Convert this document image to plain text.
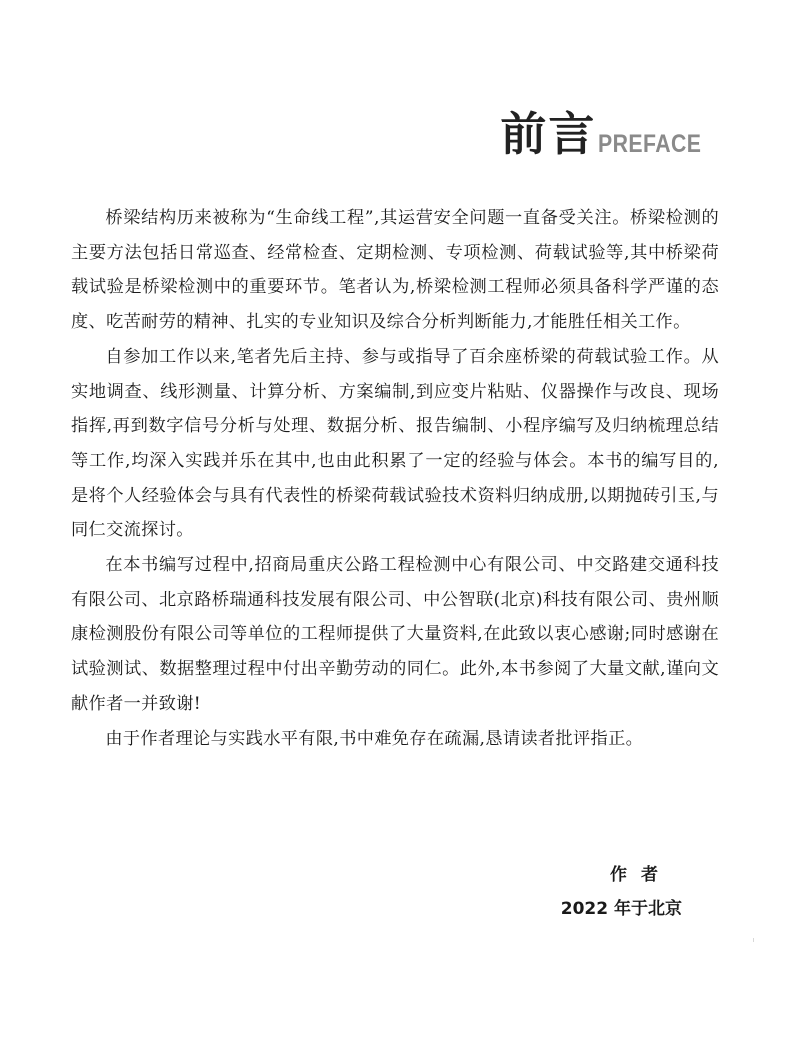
前言 PREFACE

桥梁结构历来被称为“生命线工程”,其运营安全问题一直备受关注。桥梁检测的主要方法包括日常巡查、经常检查、定期检测、专项检测、荷载试验等,其中桥梁荷载试验是桥梁检测中的重要环节。笔者认为,桥梁检测工程师必须具备科学严谨的态度、吃苦耐劳的精神、扎实的专业知识及综合分析判断能力,才能胜任相关工作。

自参加工作以来,笔者先后主持、参与或指导了百余座桥梁的荷载试验工作。从实地调查、线形测量、计算分析、方案编制,到应变片粘贴、仪器操作与改良、现场指挥,再到数字信号分析与处理、数据分析、报告编制、小程序编写及归纳梳理总结等工作,均深入实践并乐在其中,也由此积累了一定的经验与体会。本书的编写目的,是将个人经验体会与具有代表性的桥梁荷载试验技术资料归纳成册,以期抛砖引玉,与同仁交流探讨。

在本书编写过程中,招商局重庆公路工程检测中心有限公司、中交路建交通科技有限公司、北京路桥瑞通科技发展有限公司、中公智联(北京)科技有限公司、贵州顺康检测股份有限公司等单位的工程师提供了大量资料,在此致以衷心感谢;同时感谢在试验测试、数据整理过程中付出辛勤劳动的同仁。此外,本书参阅了大量文献,谨向文献作者一并致谢!

由于作者理论与实践水平有限,书中难免存在疏漏,恳请读者批评指正。

作者
2022 年于北京
